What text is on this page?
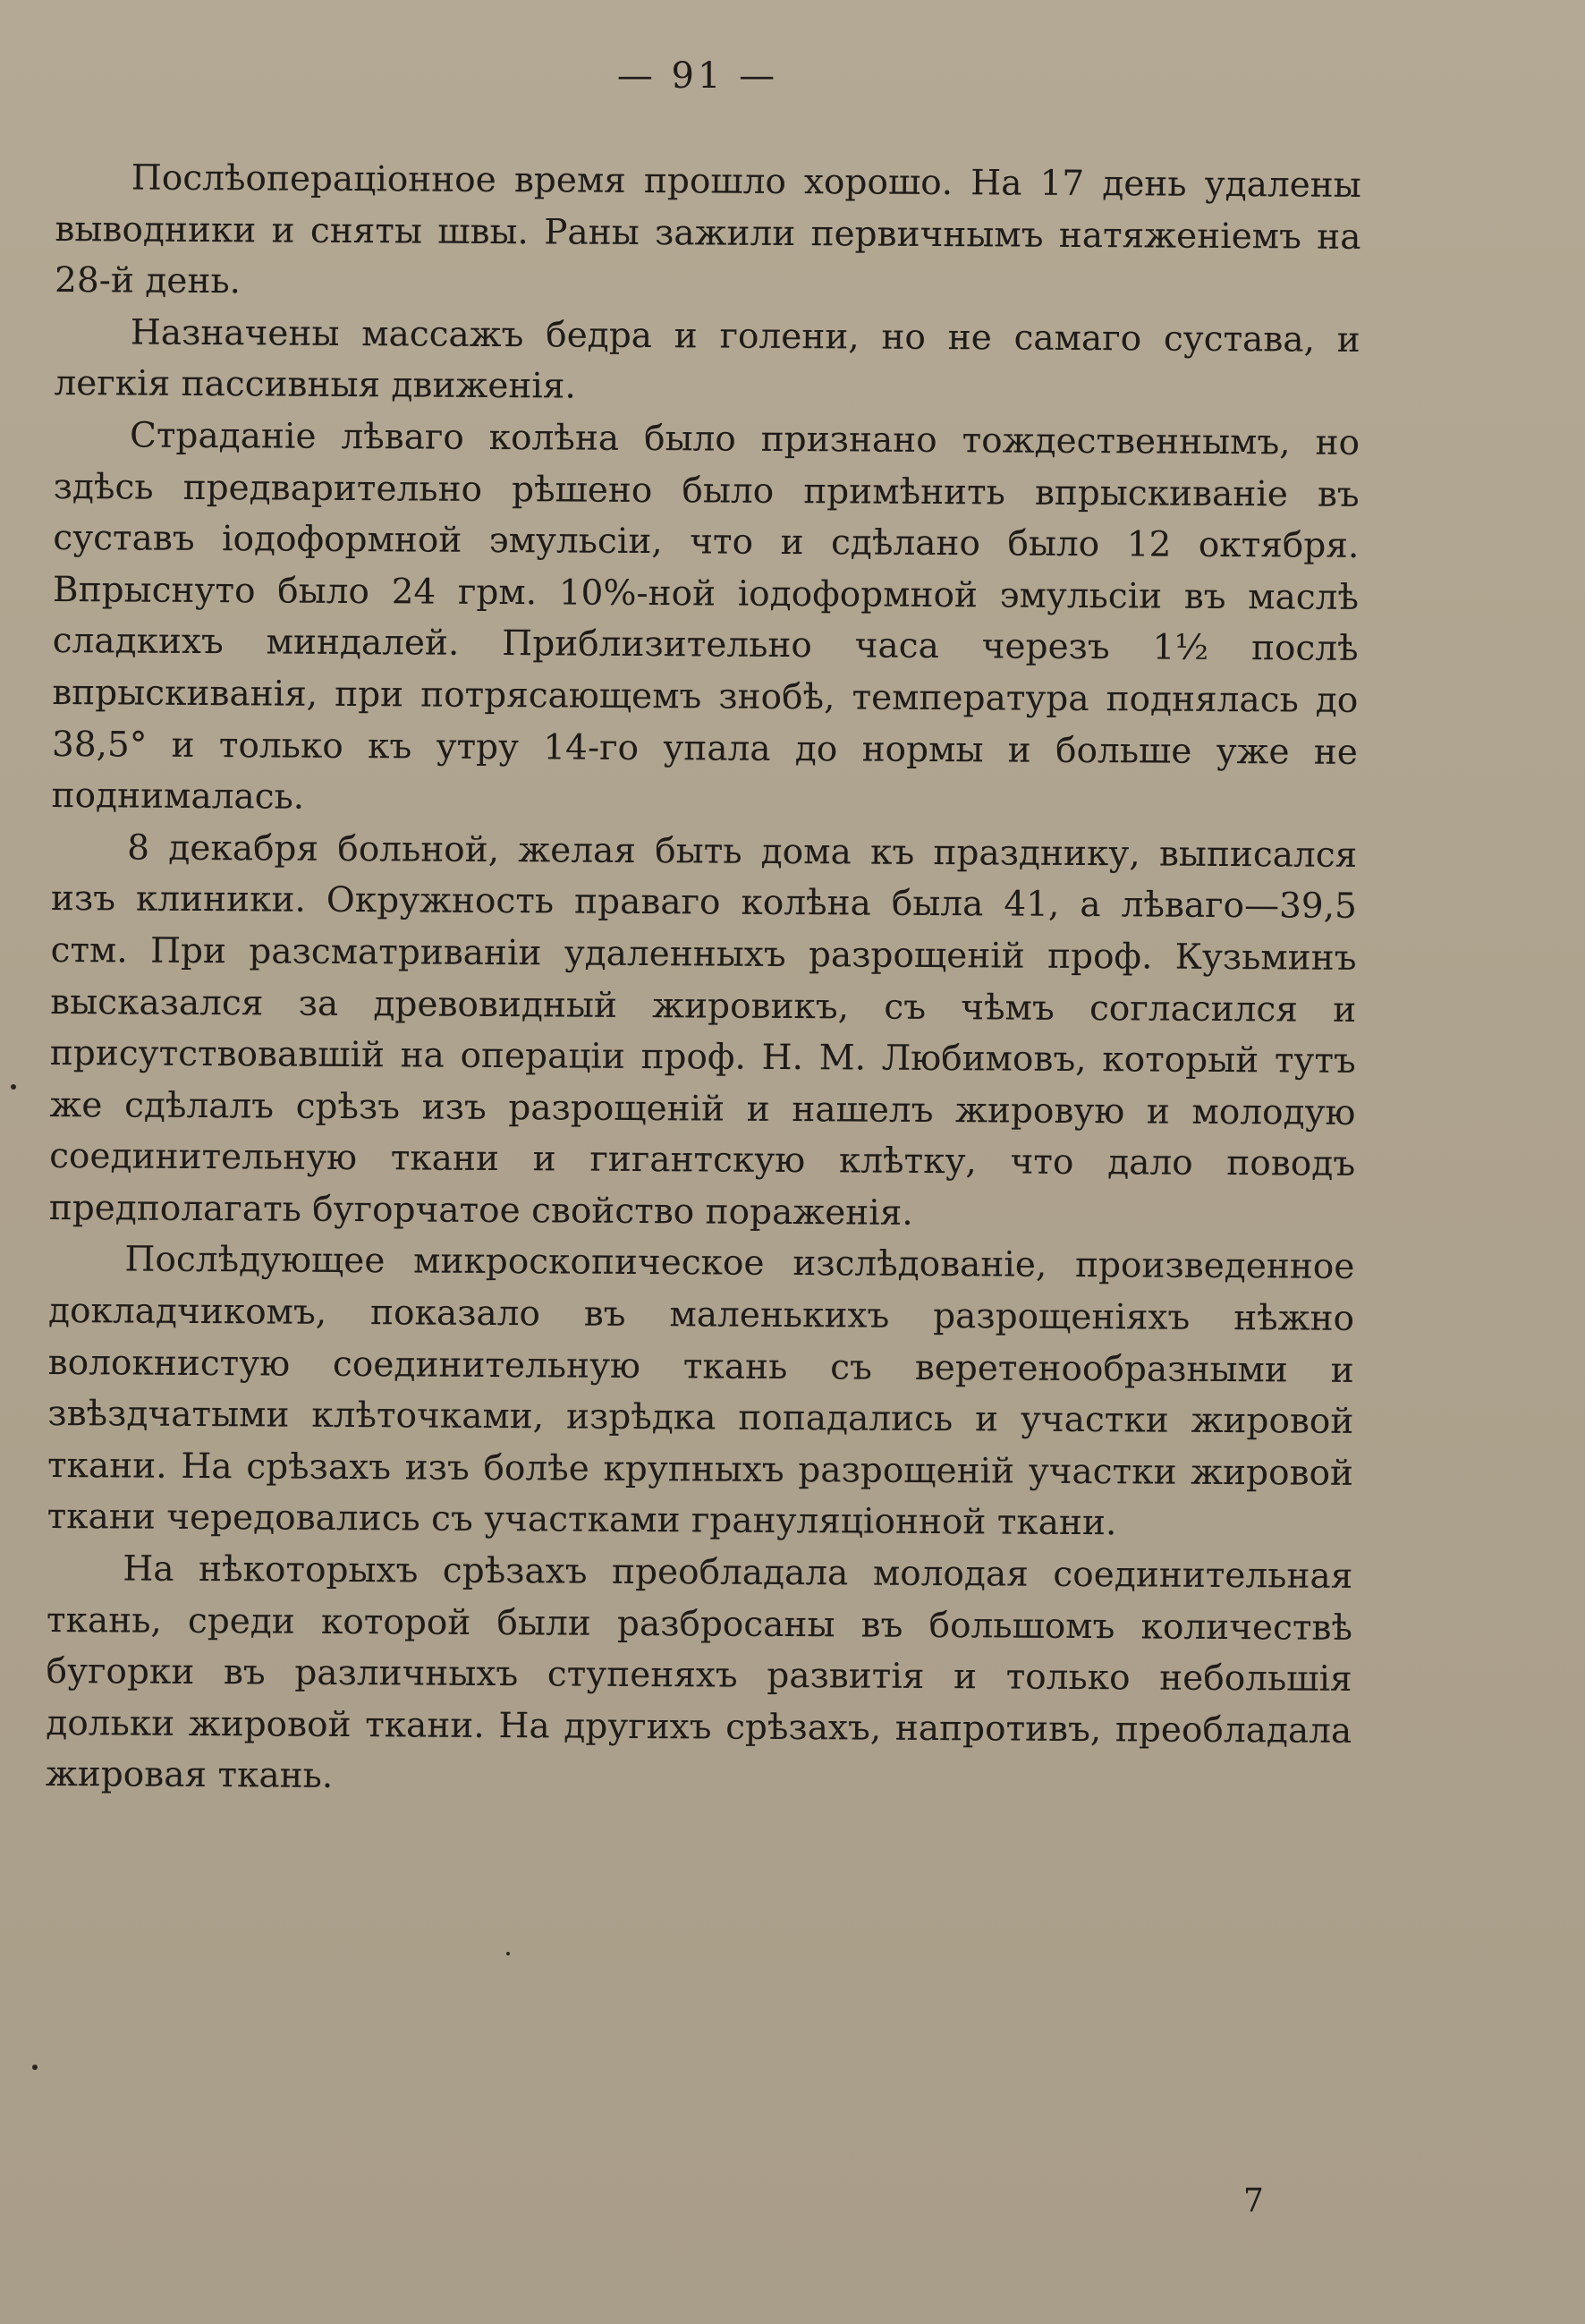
— 91 —

Послѣоперацiонное время прошло хорошо. На 17 день удалены выводники и сняты швы. Раны зажили первичнымъ натяженiемъ на 28-й день.

Назначены массажъ бедра и голени, но не самаго сустава, и легкiя пассивныя движенiя.

Страданiе лѣваго колѣна было признано тождественнымъ, но здѣсь предварительно рѣшено было примѣнить впрыскиванiе въ суставъ iодоформной эмульсiи, что и сдѣлано было 12 октября. Впрыснуто было 24 грм. 10%-ной iодоформной эмульсiи въ маслѣ сладкихъ миндалей. Приблизительно часа черезъ 1½ послѣ впрыскиванiя, при потрясающемъ знобѣ, температура поднялась до 38,5° и только къ утру 14-го упала до нормы и больше уже не поднималась.

8 декабря больной, желая быть дома къ празднику, выписался изъ клиники. Окружность праваго колѣна была 41, а лѣваго—39,5 стм. При разсматриванiи удаленныхъ разрощенiй проф. Кузьминъ высказался за древовидный жировикъ, съ чѣмъ согласился и присутствовавшiй на операцiи проф. Н. М. Любимовъ, который тутъ же сдѣлалъ срѣзъ изъ разрощенiй и нашелъ жировую и молодую соединительную ткани и гигантскую клѣтку, что дало поводъ предполагать бугорчатое свойство пораженiя.

Послѣдующее микроскопическое изслѣдованiе, произведенное докладчикомъ, показало въ маленькихъ разрощенiяхъ нѣжно волокнистую соединительную ткань съ веретенообразными и звѣздчатыми клѣточками, изрѣдка попадались и участки жировой ткани. На срѣзахъ изъ болѣе крупныхъ разрощенiй участки жировой ткани чередовались съ участками грануляцiонной ткани.

На нѣкоторыхъ срѣзахъ преобладала молодая соединительная ткань, среди которой были разбросаны въ большомъ количествѣ бугорки въ различныхъ ступеняхъ развитiя и только небольшiя дольки жировой ткани. На другихъ срѣзахъ, напротивъ, преобладала жировая ткань.

7
